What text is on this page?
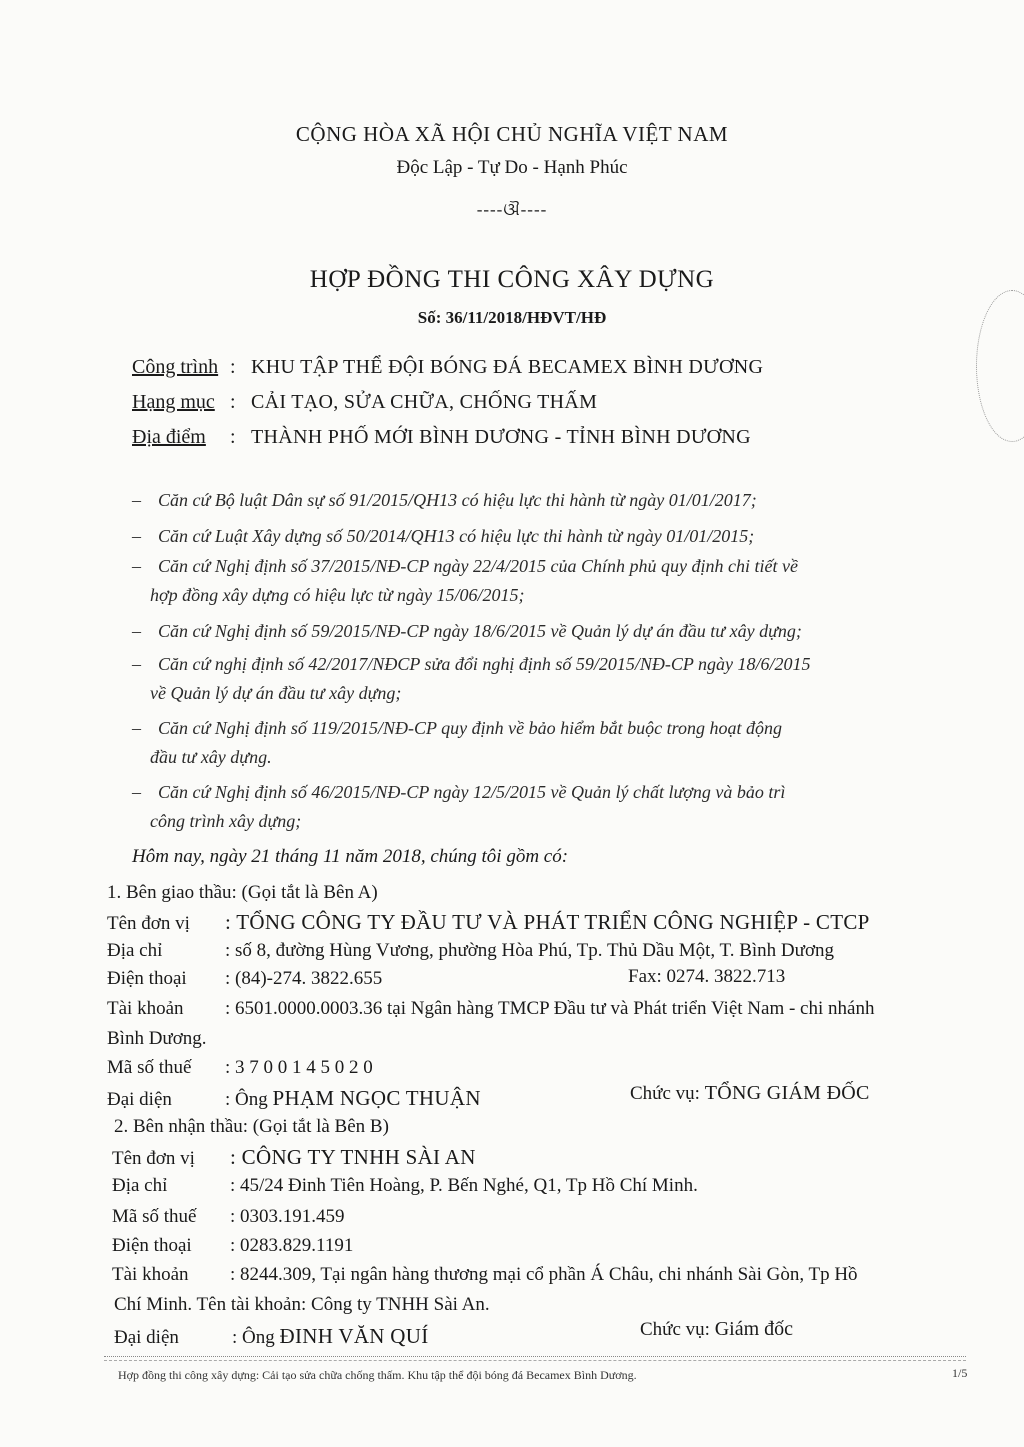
CỘNG HÒA XÃ HỘI CHỦ NGHĨA VIỆT NAM
Độc Lập - Tự Do - Hạnh Phúc
----ଔ----
HỢP ĐỒNG THI CÔNG XÂY DỰNG
Số: 36/11/2018/HĐVT/HĐ
Công trình : KHU TẬP THỂ ĐỘI BÓNG ĐÁ BECAMEX BÌNH DƯƠNG
Hạng mục : CẢI TẠO, SỬA CHỮA, CHỐNG THẤM
Địa điểm : THÀNH PHỐ MỚI BÌNH DƯƠNG - TỈNH BÌNH DƯƠNG
– Căn cứ Bộ luật Dân sự số 91/2015/QH13 có hiệu lực thi hành từ ngày 01/01/2017;
– Căn cứ Luật Xây dựng số 50/2014/QH13 có hiệu lực thi hành từ ngày 01/01/2015;
– Căn cứ Nghị định số 37/2015/NĐ-CP ngày 22/4/2015 của Chính phủ quy định chi tiết về
hợp đồng xây dựng có hiệu lực từ ngày 15/06/2015;
– Căn cứ Nghị định số 59/2015/NĐ-CP ngày 18/6/2015 về Quản lý dự án đầu tư xây dựng;
– Căn cứ nghị định số 42/2017/NĐCP sửa đổi nghị định số 59/2015/NĐ-CP ngày 18/6/2015
về Quản lý dự án đầu tư xây dựng;
– Căn cứ Nghị định số 119/2015/NĐ-CP quy định về bảo hiểm bắt buộc trong hoạt động
đầu tư xây dựng.
– Căn cứ Nghị định số 46/2015/NĐ-CP ngày 12/5/2015 về Quản lý chất lượng và bảo trì
công trình xây dựng;
Hôm nay, ngày 21 tháng 11 năm 2018, chúng tôi gồm có:
1. Bên giao thầu: (Gọi tắt là Bên A)
Tên đơn vị : TỔNG CÔNG TY ĐẦU TƯ VÀ PHÁT TRIỂN CÔNG NGHIỆP - CTCP
Địa chỉ	: số 8, đường Hùng Vương, phường Hòa Phú, Tp. Thủ Dầu Một, T. Bình Dương
Điện thoại : (84)-274. 3822.655	Fax: 0274. 3822.713
Tài khoản : 6501.0000.0003.36 tại Ngân hàng TMCP Đầu tư và Phát triển Việt Nam - chi nhánh
Bình Dương.
Mã số thuế : 3 7 0 0 1 4 5 0 2 0
Đại diện	: Ông PHẠM NGỌC THUẬN	Chức vụ: TỔNG GIÁM ĐỐC
2. Bên nhận thầu: (Gọi tắt là Bên B)
Tên đơn vị : CÔNG TY TNHH SÀI AN
Địa chỉ	: 45/24 Đinh Tiên Hoàng, P. Bến Nghé, Q1, Tp Hồ Chí Minh.
Mã số thuế : 0303.191.459
Điện thoại : 0283.829.1191
Tài khoản : 8244.309, Tại ngân hàng thương mại cổ phần Á Châu, chi nhánh Sài Gòn, Tp Hồ
Chí Minh. Tên tài khoản: Công ty TNHH Sài An.
Đại diện	: Ông ĐINH VĂN QUÍ	Chức vụ: Giám đốc
Hợp đồng thi công xây dựng: Cải tạo sửa chữa chống thấm. Khu tập thể đội bóng đá Becamex Bình Dương.	1/5
